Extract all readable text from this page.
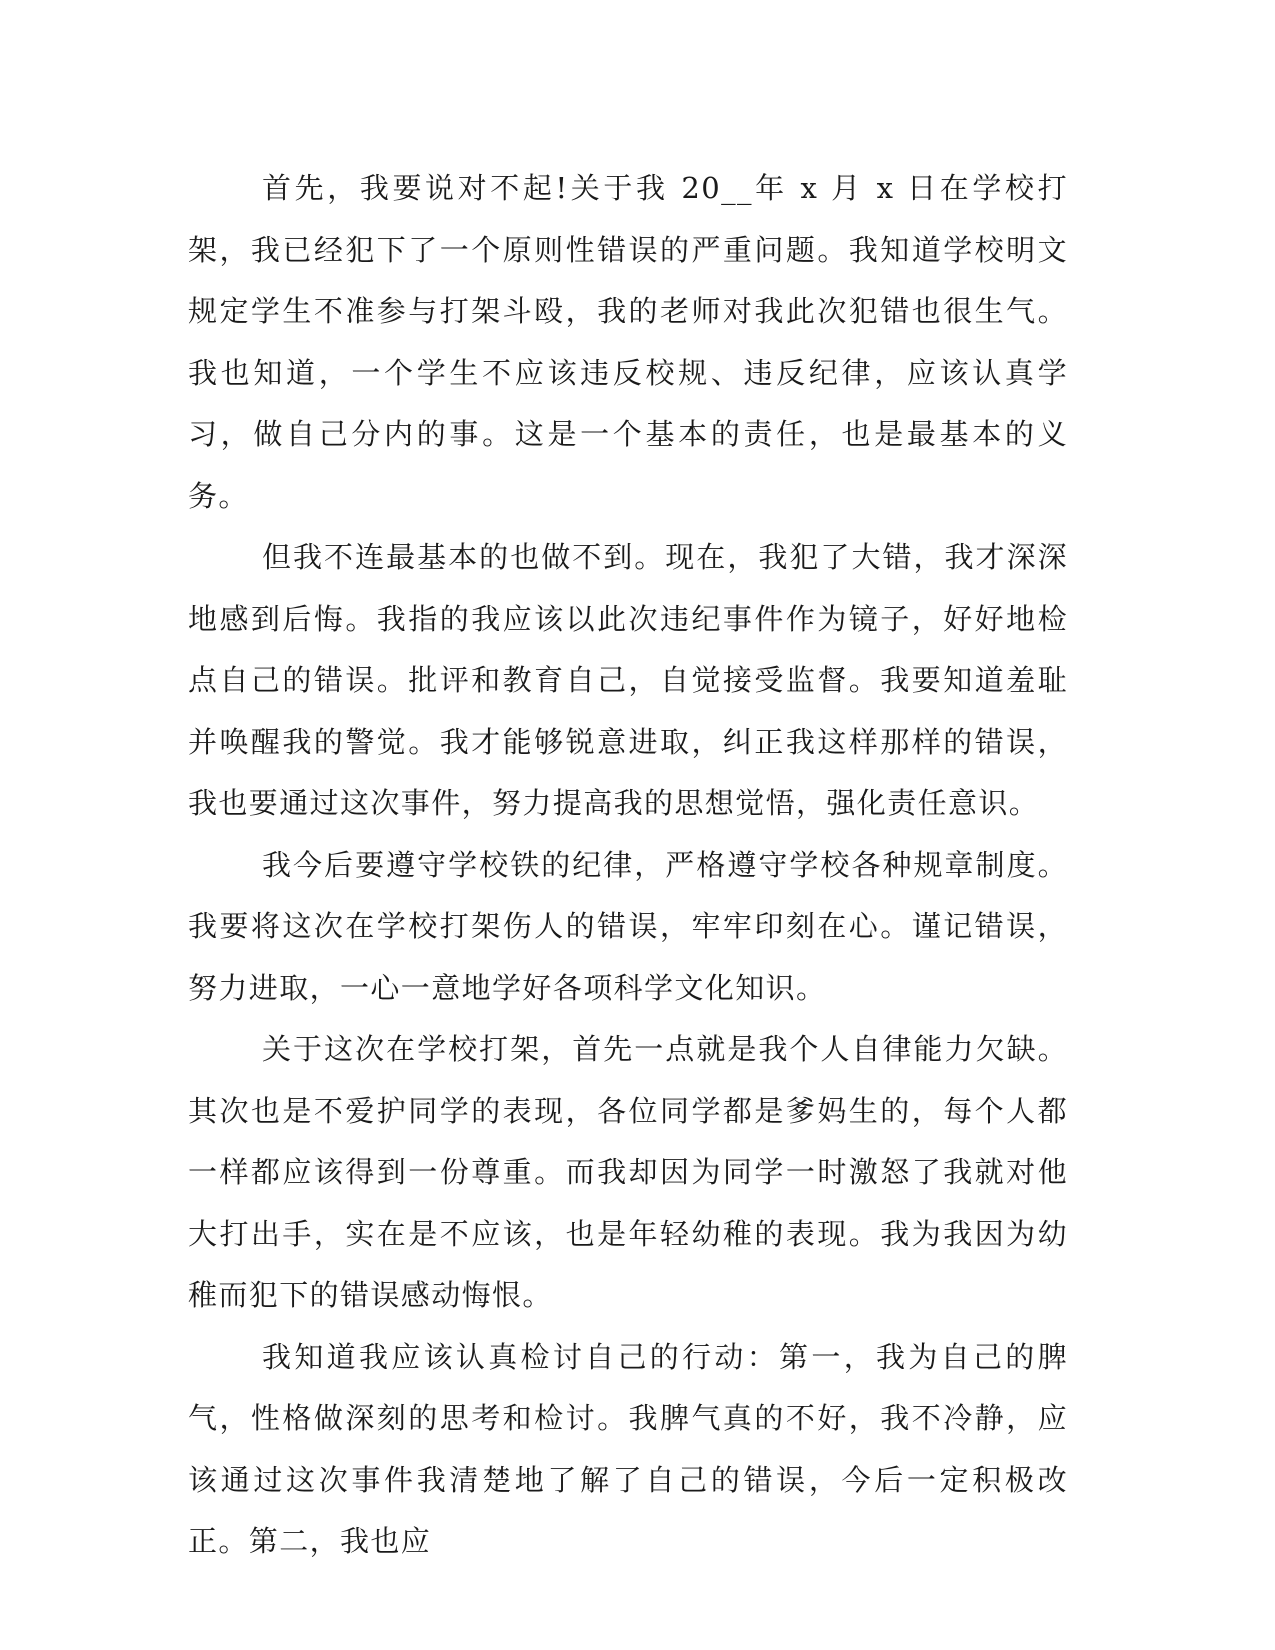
首先，我要说对不起!关于我 20__年 x 月 x 日在学校打架，我已经犯下了一个原则性错误的严重问题。我知道学校明文规定学生不准参与打架斗殴，我的老师对我此次犯错也很生气。我也知道，一个学生不应该违反校规、违反纪律，应该认真学习，做自己分内的事。这是一个基本的责任，也是最基本的义务。

但我不连最基本的也做不到。现在，我犯了大错，我才深深地感到后悔。我指的我应该以此次违纪事件作为镜子，好好地检点自己的错误。批评和教育自己，自觉接受监督。我要知道羞耻并唤醒我的警觉。我才能够锐意进取，纠正我这样那样的错误，我也要通过这次事件，努力提高我的思想觉悟，强化责任意识。

我今后要遵守学校铁的纪律，严格遵守学校各种规章制度。我要将这次在学校打架伤人的错误，牢牢印刻在心。谨记错误，努力进取，一心一意地学好各项科学文化知识。

关于这次在学校打架，首先一点就是我个人自律能力欠缺。其次也是不爱护同学的表现，各位同学都是爹妈生的，每个人都一样都应该得到一份尊重。而我却因为同学一时激怒了我就对他大打出手，实在是不应该，也是年轻幼稚的表现。我为我因为幼稚而犯下的错误感动悔恨。

我知道我应该认真检讨自己的行动：第一，我为自己的脾气，性格做深刻的思考和检讨。我脾气真的不好，我不冷静，应该通过这次事件我清楚地了解了自己的错误，今后一定积极改正。第二，我也应
